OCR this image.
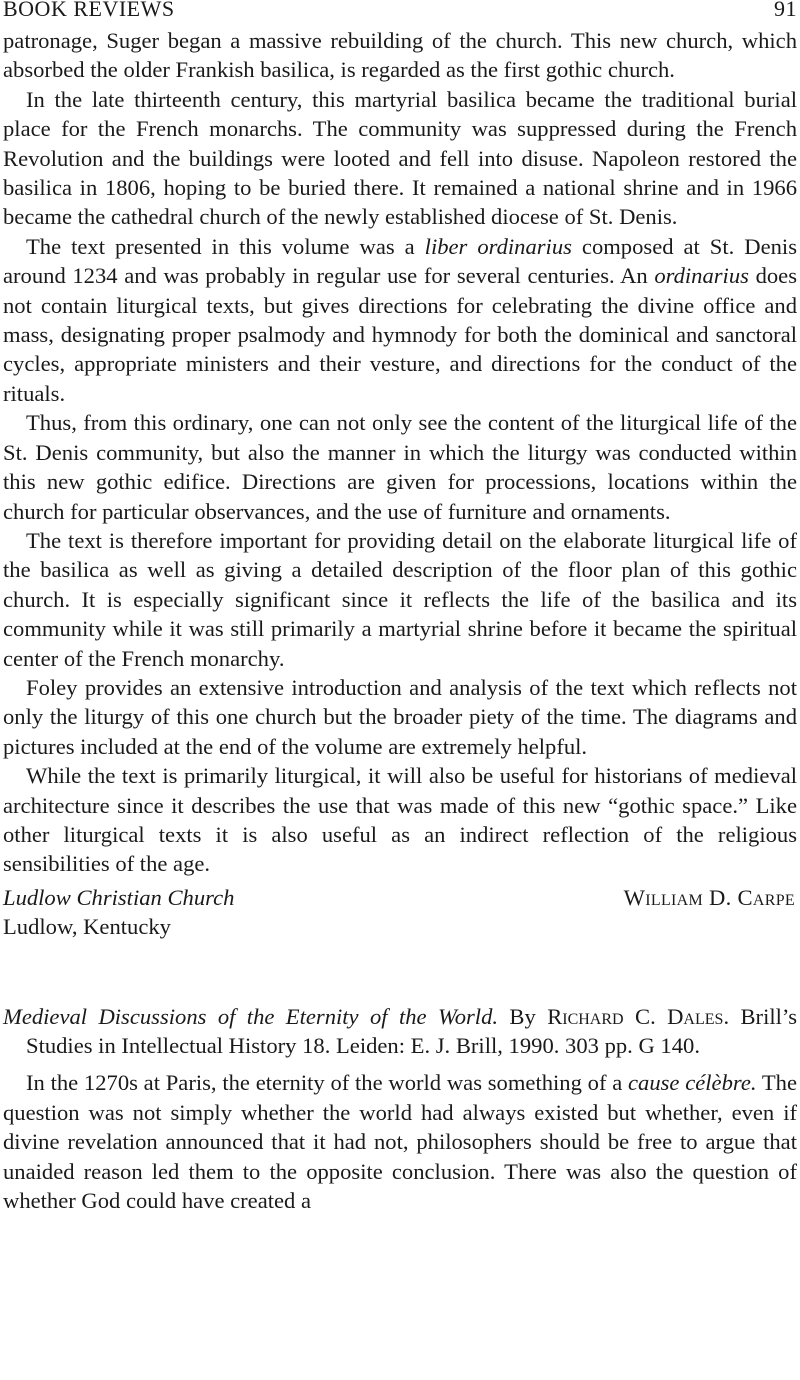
BOOK REVIEWS	91

patronage, Suger began a massive rebuilding of the church. This new church, which absorbed the older Frankish basilica, is regarded as the first gothic church.

In the late thirteenth century, this martyrial basilica became the traditional burial place for the French monarchs. The community was suppressed during the French Revolution and the buildings were looted and fell into disuse. Napoleon restored the basilica in 1806, hoping to be buried there. It remained a national shrine and in 1966 became the cathedral church of the newly established diocese of St. Denis.

The text presented in this volume was a liber ordinarius composed at St. Denis around 1234 and was probably in regular use for several centuries. An ordinarius does not contain liturgical texts, but gives directions for celebrating the divine office and mass, designating proper psalmody and hymnody for both the dominical and sanctoral cycles, appropriate ministers and their vesture, and directions for the conduct of the rituals.

Thus, from this ordinary, one can not only see the content of the liturgical life of the St. Denis community, but also the manner in which the liturgy was conducted within this new gothic edifice. Directions are given for processions, locations within the church for particular observances, and the use of furniture and ornaments.

The text is therefore important for providing detail on the elaborate liturgical life of the basilica as well as giving a detailed description of the floor plan of this gothic church. It is especially significant since it reflects the life of the basilica and its community while it was still primarily a martyrial shrine before it became the spiritual center of the French monarchy.

Foley provides an extensive introduction and analysis of the text which reflects not only the liturgy of this one church but the broader piety of the time. The diagrams and pictures included at the end of the volume are extremely helpful.

While the text is primarily liturgical, it will also be useful for historians of medieval architecture since it describes the use that was made of this new “gothic space.” Like other liturgical texts it is also useful as an indirect reflection of the religious sensibilities of the age.

Ludlow Christian Church	William D. Carpe
Ludlow, Kentucky
Medieval Discussions of the Eternity of the World. By Richard C. Dales. Brill’s Studies in Intellectual History 18. Leiden: E. J. Brill, 1990. 303 pp. G 140.

In the 1270s at Paris, the eternity of the world was something of a cause célèbre. The question was not simply whether the world had always existed but whether, even if divine revelation announced that it had not, philosophers should be free to argue that unaided reason led them to the opposite conclusion. There was also the question of whether God could have created a
